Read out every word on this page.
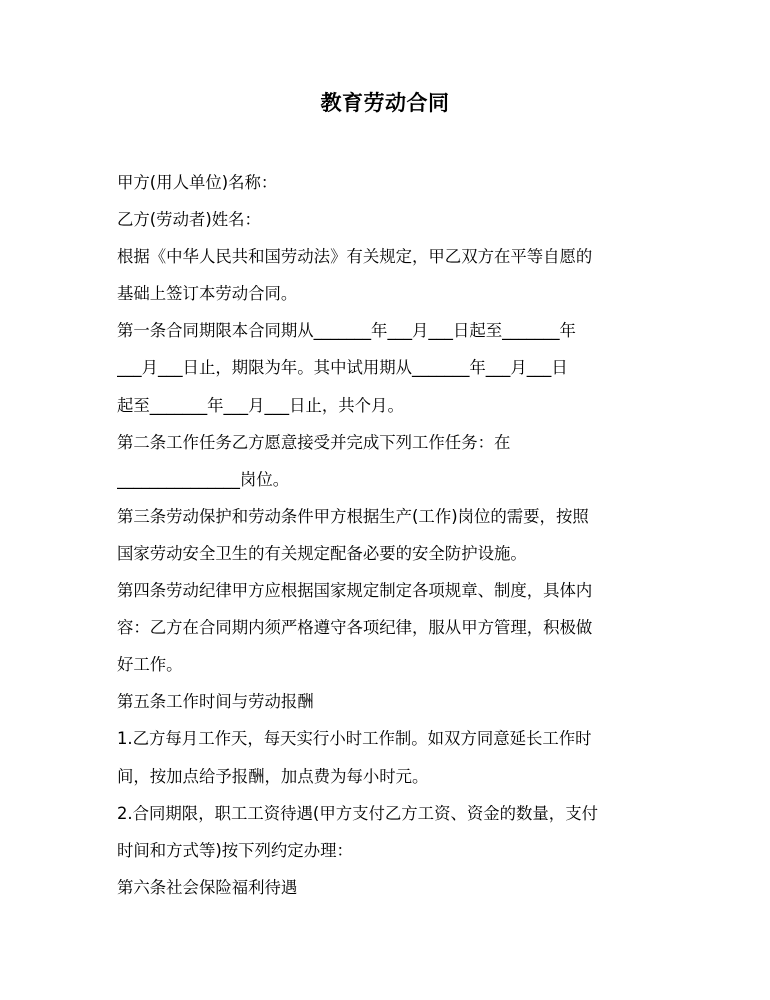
教育劳动合同
甲方(用人单位)名称：
乙方(劳动者)姓名：
根据《中华人民共和国劳动法》有关规定，甲乙双方在平等自愿的
基础上签订本劳动合同。
第一条合同期限本合同期从_______年___月___日起至_______年
___月___日止，期限为年。其中试用期从_______年___月___日
起至_______年___月___日止，共个月。
第二条工作任务乙方愿意接受并完成下列工作任务：在
_______________岗位。
第三条劳动保护和劳动条件甲方根据生产(工作)岗位的需要，按照
国家劳动安全卫生的有关规定配备必要的安全防护设施。
第四条劳动纪律甲方应根据国家规定制定各项规章、制度，具体内
容：乙方在合同期内须严格遵守各项纪律，服从甲方管理，积极做
好工作。
第五条工作时间与劳动报酬
1.乙方每月工作天，每天实行小时工作制。如双方同意延长工作时
间，按加点给予报酬，加点费为每小时元。
2.合同期限，职工工资待遇(甲方支付乙方工资、资金的数量，支付
时间和方式等)按下列约定办理：
第六条社会保险福利待遇
